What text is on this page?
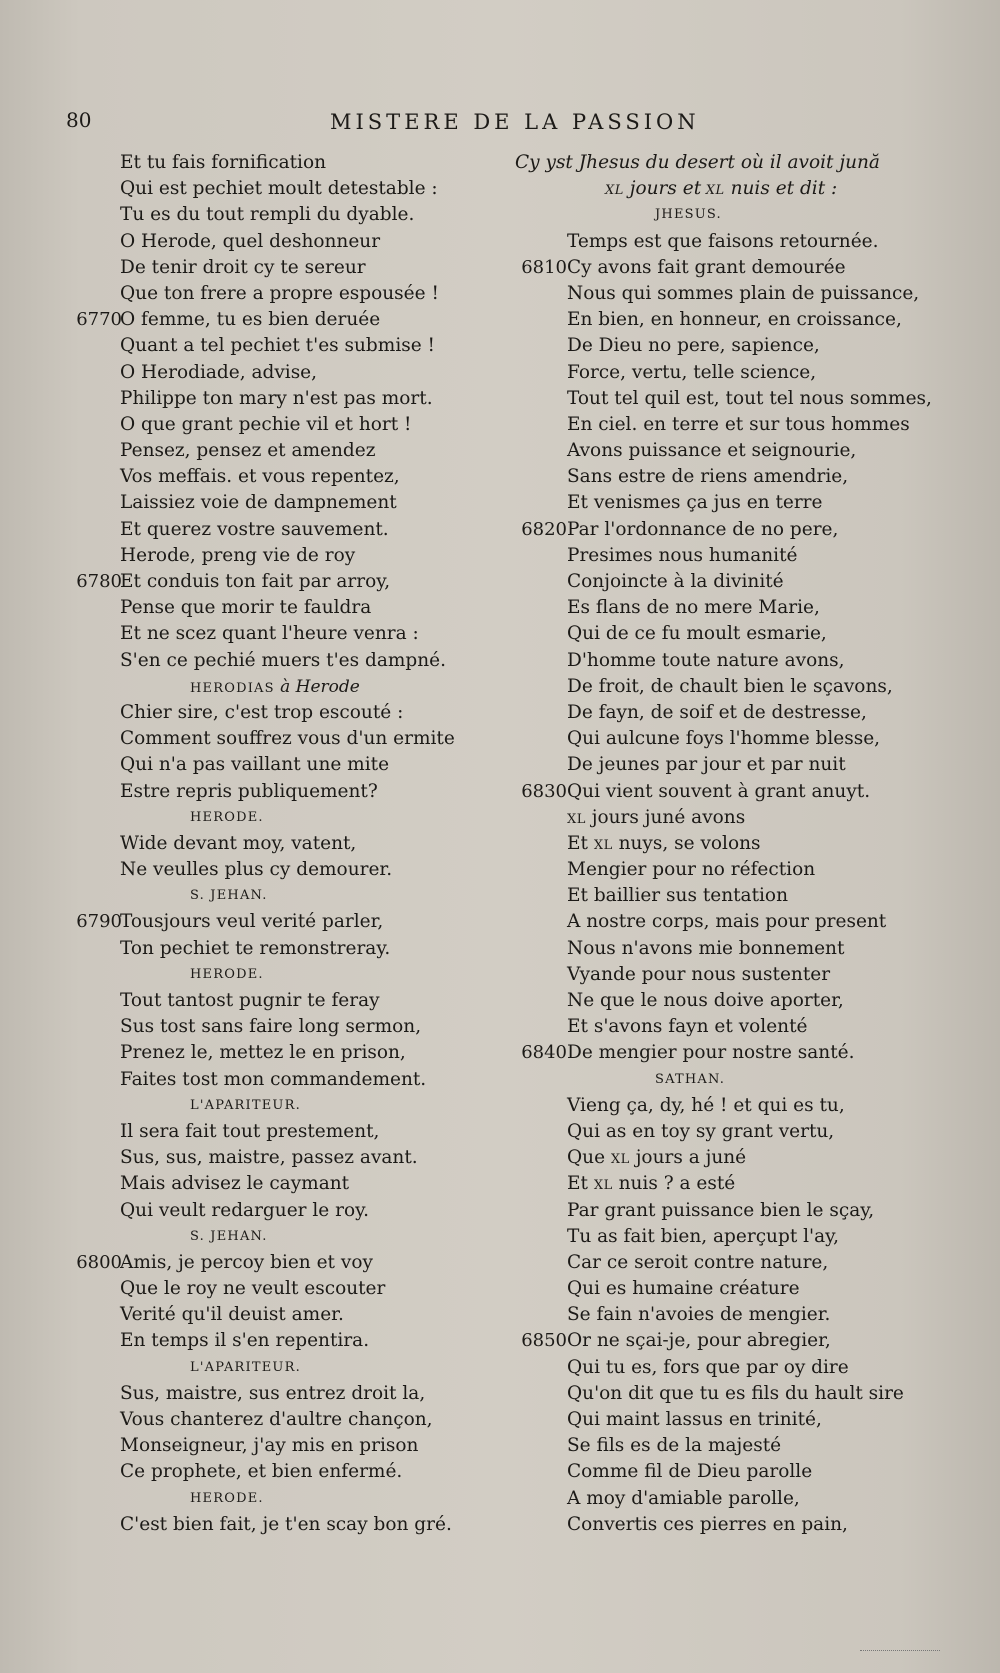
80	MISTERE DE LA PASSION
Et tu fais fornification
Qui est pechiet moult detestable :
Tu es du tout rempli du dyable.
O Herode, quel deshonneur
De tenir droit cy te sereur
Que ton frere a propre espousée !
6770
O femme, tu es bien deruée
Quant a tel pechiet t'es submise !
O Herodiade, advise,
Philippe ton mary n'est pas mort.
O que grant pechie vil et hort !
Pensez, pensez et amendez
Vos meffais. et vous repentez,
Laissiez voie de dampnement
Et querez vostre sauvement.
Herode, preng vie de roy
6780
Et conduis ton fait par arroy,
Pense que morir te fauldra
Et ne scez quant l'heure venra :
S'en ce pechié muers t'es dampné.
HERODIAS à Herode
Chier sire, c'est trop escouté :
Comment souffrez vous d'un ermite
Qui n'a pas vaillant une mite
Estre repris publiquement?
HERODE.
Wide devant moy, vatent,
Ne veulles plus cy demourer.
S. JEHAN.
6790
Tousjours veul verité parler,
Ton pechiet te remonstreray.
HERODE.
Tout tantost pugnir te feray
Sus tost sans faire long sermon,
Prenez le, mettez le en prison,
Faites tost mon commandement.
L'APARITEUR.
Il sera fait tout prestement,
Sus, sus, maistre, passez avant.
Mais advisez le caymant
Qui veult redarguer le roy.
S. JEHAN.
6800
Amis, je percoy bien et voy
Que le roy ne veult escouter
Verité qu'il deuist amer.
En temps il s'en repentira.
L'APARITEUR.
Sus, maistre, sus entrez droit la,
Vous chanterez d'aultre chançon,
Monseigneur, j'ay mis en prison
Ce prophete, et bien enfermé.
HERODE.
C'est bien fait, je t'en scay bon gré.
Cy yst Jhesus du desert où il avoit jună
XL jours et XL nuis et dit :
JHESUS.
Temps est que faisons retournée.
6810 Cy avons fait grant demourée
Nous qui sommes plain de puissance,
En bien, en honneur, en croissance,
De Dieu no pere, sapience,
Force, vertu, telle science,
Tout tel quil est, tout tel nous sommes,
En ciel. en terre et sur tous hommes
Avons puissance et seignourie,
Sans estre de riens amendrie,
Et venismes ça jus en terre
6820 Par l'ordonnance de no pere,
Presimes nous humanité
Conjoincte à la divinité
Es flans de no mere Marie,
Qui de ce fu moult esmarie,
D'homme toute nature avons,
De froit, de chault bien le sçavons,
De fayn, de soif et de destresse,
Qui aulcune foys l'homme blesse,
De jeunes par jour et par nuit
6830 Qui vient souvent à grant anuyt.
XL jours juné avons
Et XL nuys, se volons
Mengier pour no réfection
Et baillier sus tentation
A nostre corps, mais pour present
Nous n'avons mie bonnement
Vyande pour nous sustenter
Ne que le nous doive aporter,
Et s'avons fayn et volenté
6840 De mengier pour nostre santé.
SATHAN.
Vieng ça, dy, hé ! et qui es tu,
Qui as en toy sy grant vertu,
Que XL jours a juné
Et XL nuis ? a esté
Par grant puissance bien le sçay,
Tu as fait bien, aperçupt l'ay,
Car ce seroit contre nature,
Qui es humaine créature
Se fain n'avoies de mengier.
6850 Or ne sçai-je, pour abregier,
Qui tu es, fors que par oy dire
Qu'on dit que tu es fils du hault sire
Qui maint lassus en trinité,
Se fils es de la majesté
Comme fil de Dieu parolle
A moy d'amiable parolle,
Convertis ces pierres en pain,
